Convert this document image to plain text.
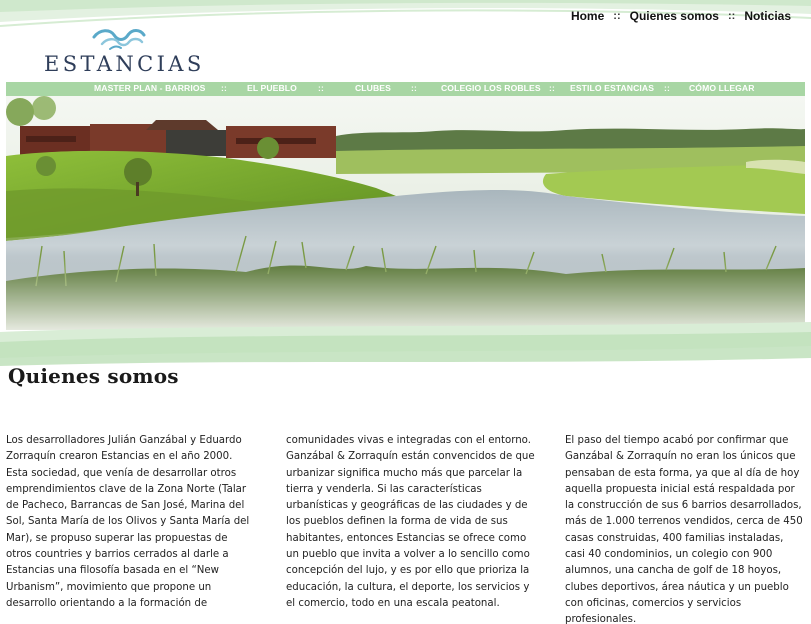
Home :: Quienes somos :: Noticias
ESTANCIAS
MASTER PLAN - BARRIOS :: EL PUEBLO ::	CLUBES ::	COLEGIO LOS ROBLES :: ESTILO ESTANCIAS :: CÓMO LLEGAR
Quienes somos

Los desarrolladores Julián Ganzábal y Eduardo Zorraquín crearon Estancias en el año 2000. Esta sociedad, que venía de desarrollar otros emprendimientos clave de la Zona Norte (Talar de Pacheco, Barrancas de San José, Marina del Sol, Santa María de los Olivos y Santa María del Mar), se propuso superar las propuestas de otros countries y barrios cerrados al darle a Estancias una filosofía basada en el “New Urbanism”, movimiento que propone un desarrollo orientando a la formación de

comunidades vivas e integradas con el entorno. Ganzábal & Zorraquín están convencidos de que urbanizar significa mucho más que parcelar la tierra y venderla. Si las características urbanísticas y geográficas de las ciudades y de los pueblos definen la forma de vida de sus habitantes, entonces Estancias se ofrece como un pueblo que invita a volver a lo sencillo como concepción del lujo, y es por ello que prioriza la educación, la cultura, el deporte, los servicios y el comercio, todo en una escala peatonal.

El paso del tiempo acabó por confirmar que Ganzábal & Zorraquín no eran los únicos que pensaban de esta forma, ya que al día de hoy aquella propuesta inicial está respaldada por la construcción de sus 6 barrios desarrollados, más de 1.000 terrenos vendidos, cerca de 450 casas construidas, 400 familias instaladas, casi 40 condominios, un colegio con 900 alumnos, una cancha de golf de 18 hoyos, clubes deportivos, área náutica y un pueblo con oficinas, comercios y servicios profesionales.
